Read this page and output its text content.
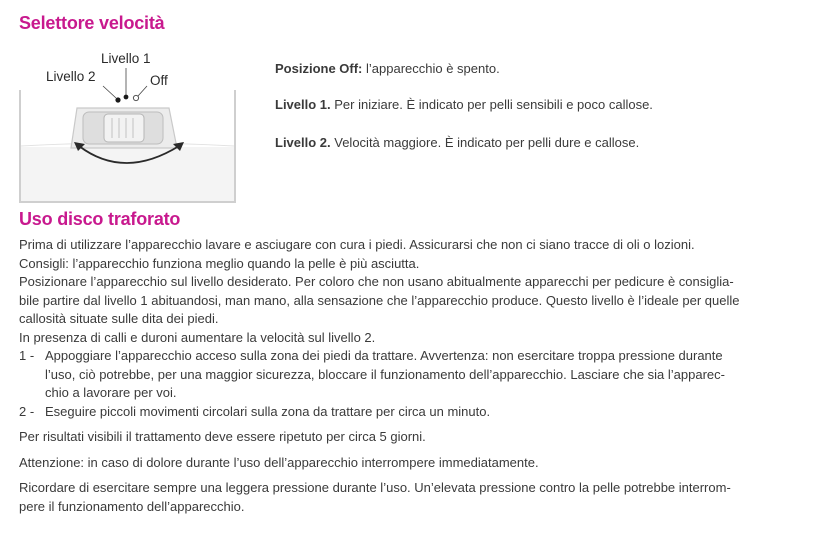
Selettore velocità
Livello 1
Livello 2	Off
Posizione Off: l’apparecchio è spento.
Livello 1. Per iniziare. È indicato per pelli sensibili e poco callose.
Livello 2. Velocità maggiore. È indicato per pelli dure e callose.
Uso disco traforato

Prima di utilizzare l’apparecchio lavare e asciugare con cura i piedi. Assicurarsi che non ci siano tracce di oli o lozioni.

Consigli: l’apparecchio funziona meglio quando la pelle è più asciutta.

Posizionare l’apparecchio sul livello desiderato. Per coloro che non usano abitualmente apparecchi per pedicure è consiglia-

bile partire dal livello 1 abituandosi, man mano, alla sensazione che l’apparecchio produce. Questo livello è l’ideale per quelle

callosità situate sulle dita dei piedi.

In presenza di calli e duroni aumentare la velocità sul livello 2.

1 - Appoggiare l’apparecchio acceso sulla zona dei piedi da trattare. Avvertenza: non esercitare troppa pressione durante

l’uso, ciò potrebbe, per una maggior sicurezza, bloccare il funzionamento dell’apparecchio. Lasciare che sia l’apparec-

chio a lavorare per voi.

2 - Eseguire piccoli movimenti circolari sulla zona da trattare per circa un minuto.

Per risultati visibili il trattamento deve essere ripetuto per circa 5 giorni.

Attenzione: in caso di dolore durante l’uso dell’apparecchio interrompere immediatamente.

Ricordare di esercitare sempre una leggera pressione durante l’uso. Un’elevata pressione contro la pelle potrebbe interrom-

pere il funzionamento dell’apparecchio.
